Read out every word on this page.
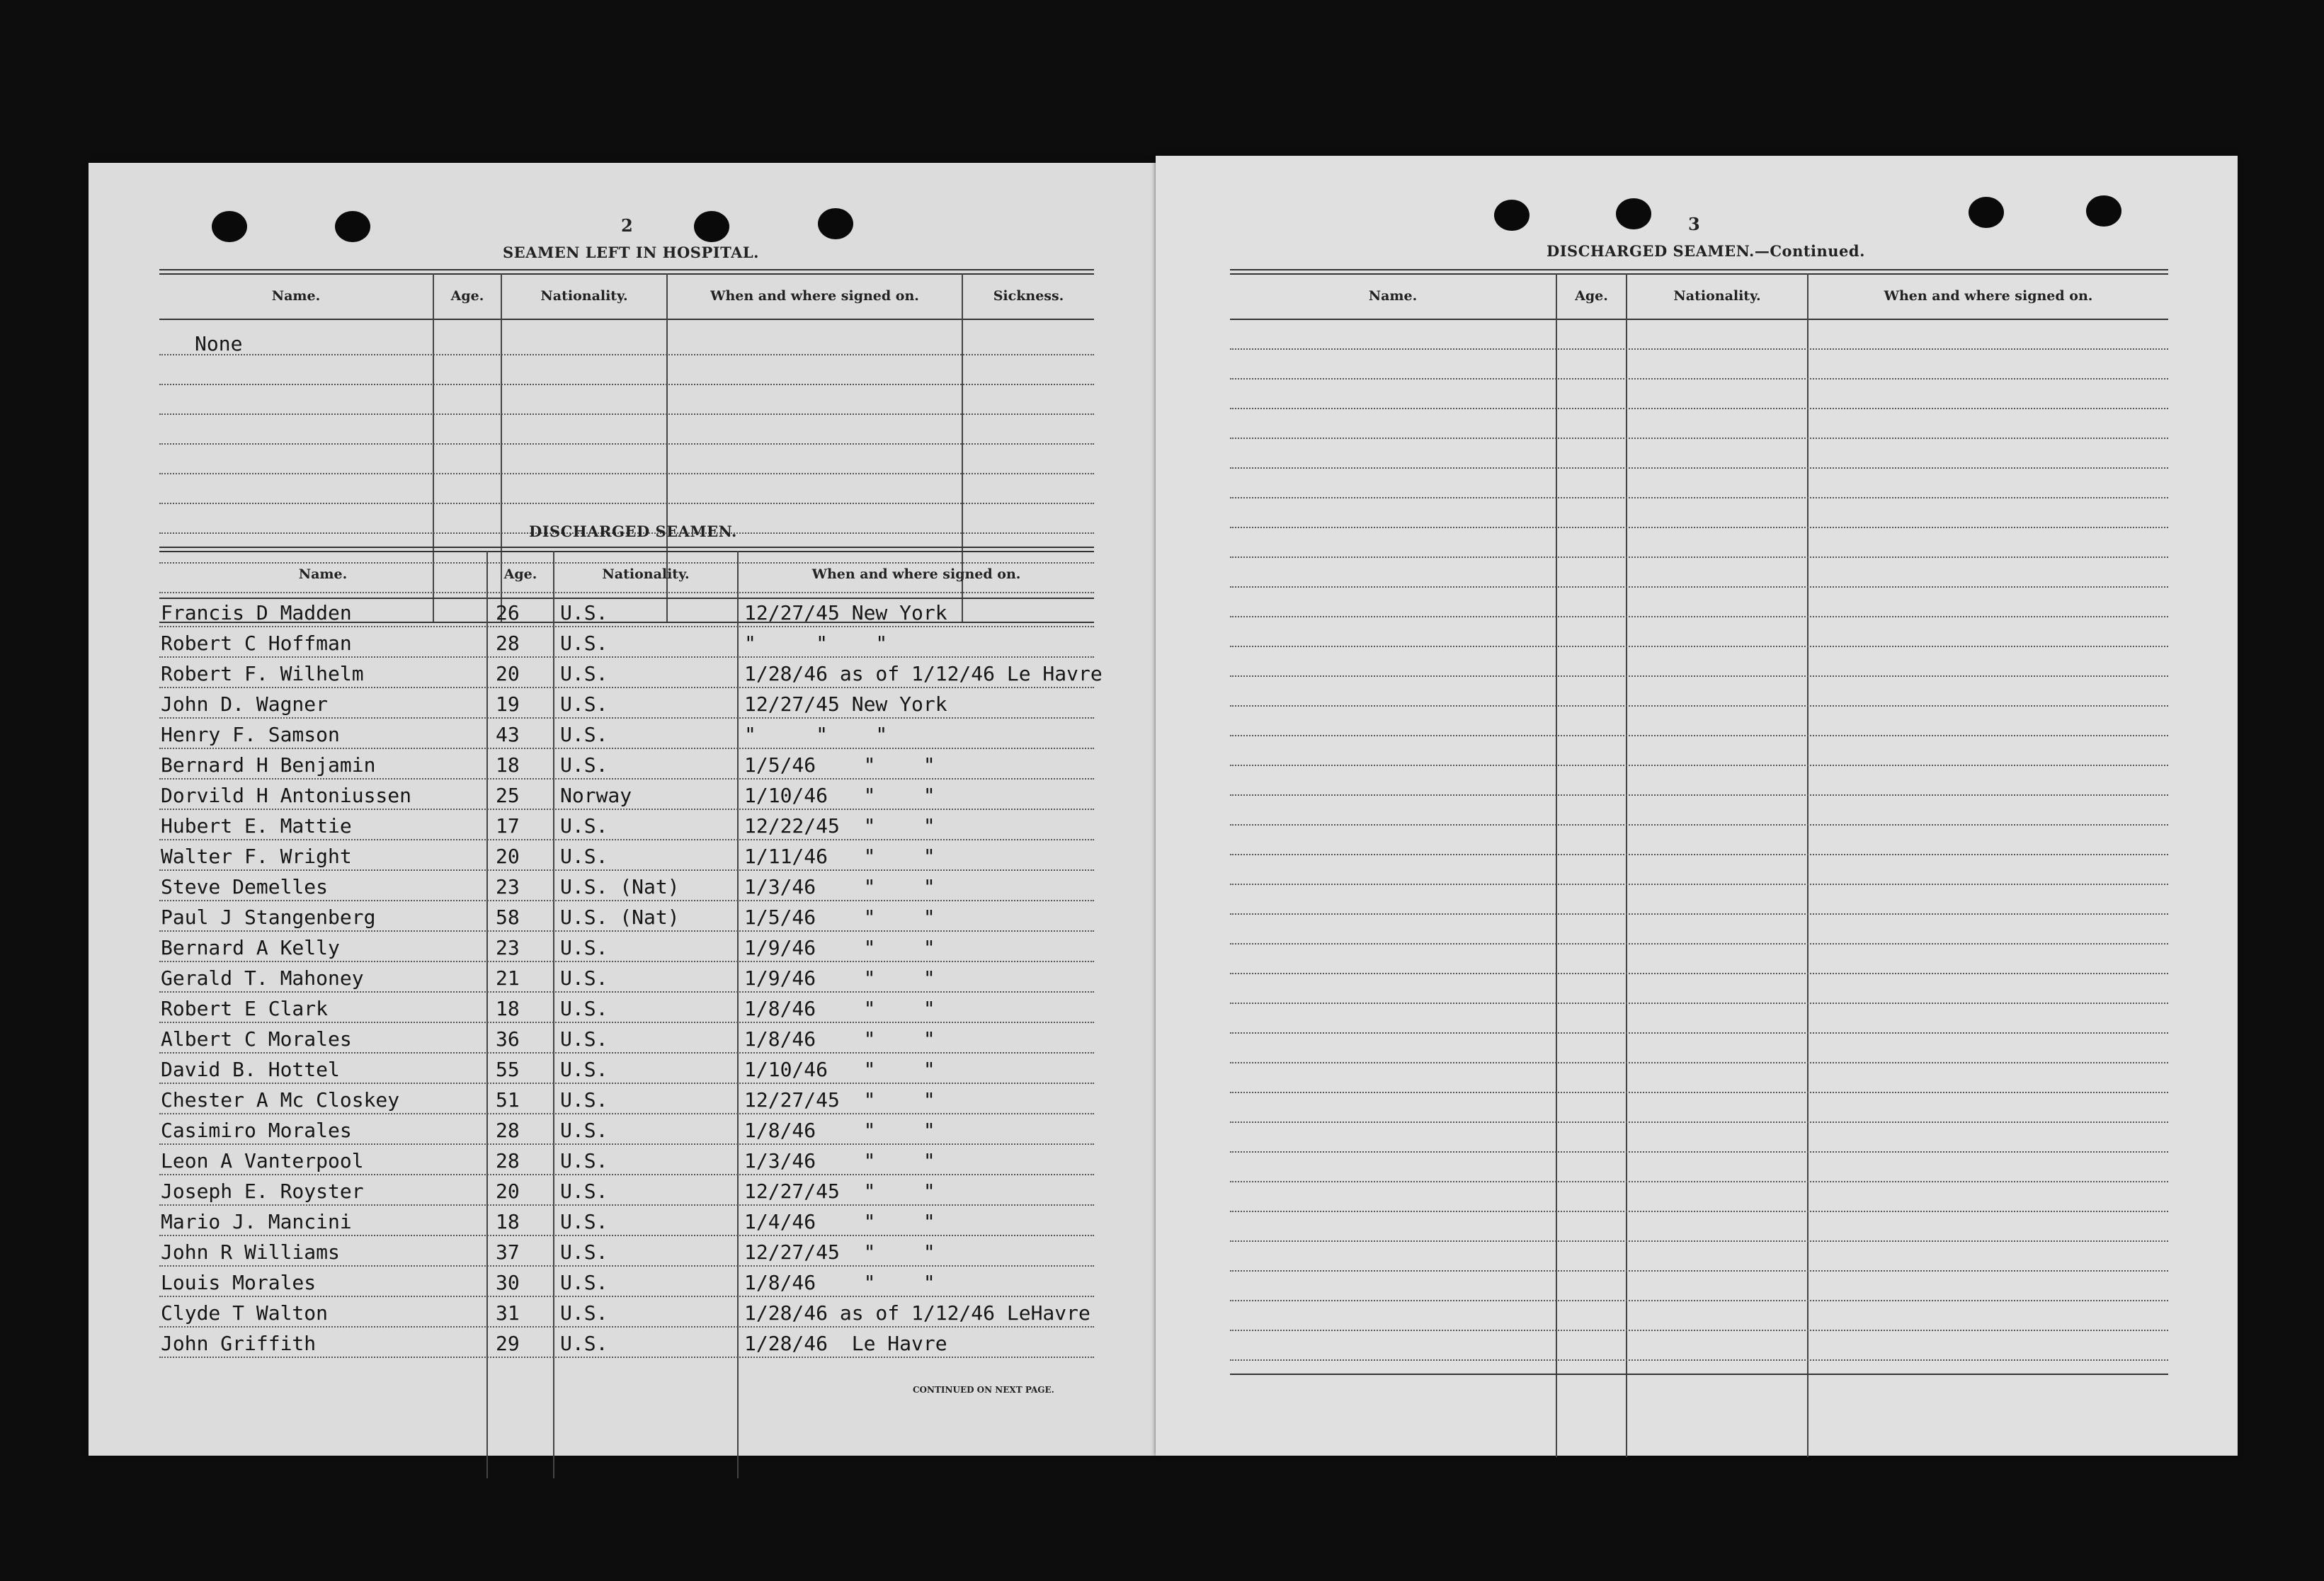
2
SEAMEN LEFT IN HOSPITAL.
Name.	Age.	Nationality.	When and where signed on.	Sickness.
None
DISCHARGED SEAMEN.
Name.	Age.	Nationality.	When and where signed on.
Francis D Madden	26 U.S.	12/27/45 New York
Robert C Hoffman	28 U.S.	"     "    "
Robert F. Wilhelm	20 U.S.	1/28/46 as of 1/12/46 Le Havre
John D. Wagner	19 U.S.	12/27/45 New York
Henry F. Samson	43 U.S.	"     "    "
Bernard H Benjamin	18 U.S.	1/5/46    "    "
Dorvild H Antoniussen	25 Norway	1/10/46   "    "
Hubert E. Mattie	17 U.S.	12/22/45  "    "
Walter F. Wright	20 U.S.	1/11/46   "    "
Steve Demelles	23 U.S. (Nat)	1/3/46    "    "
Paul J Stangenberg	58 U.S. (Nat)	1/5/46    "    "
Bernard A Kelly	23 U.S.	1/9/46    "    "
Gerald T. Mahoney	21 U.S.	1/9/46    "    "
Robert E Clark	18 U.S.	1/8/46    "    "
Albert C Morales	36 U.S.	1/8/46    "    "
David B. Hottel	55 U.S.	1/10/46   "    "
Chester A Mc Closkey	51 U.S.	12/27/45  "    "
Casimiro Morales	28 U.S.	1/8/46    "    "
Leon A Vanterpool	28 U.S.	1/3/46    "    "
Joseph E. Royster	20 U.S.	12/27/45  "    "
Mario J. Mancini	18 U.S.	1/4/46    "    "
John R Williams	37 U.S.	12/27/45  "    "
Louis Morales	30 U.S.	1/8/46    "    "
Clyde T Walton	31 U.S.	1/28/46 as of 1/12/46 LeHavre
John Griffith	29 U.S.	1/28/46  Le Havre
CONTINUED ON NEXT PAGE.
3
DISCHARGED SEAMEN.—Continued.
Name.	Age.	Nationality.	When and where signed on.
